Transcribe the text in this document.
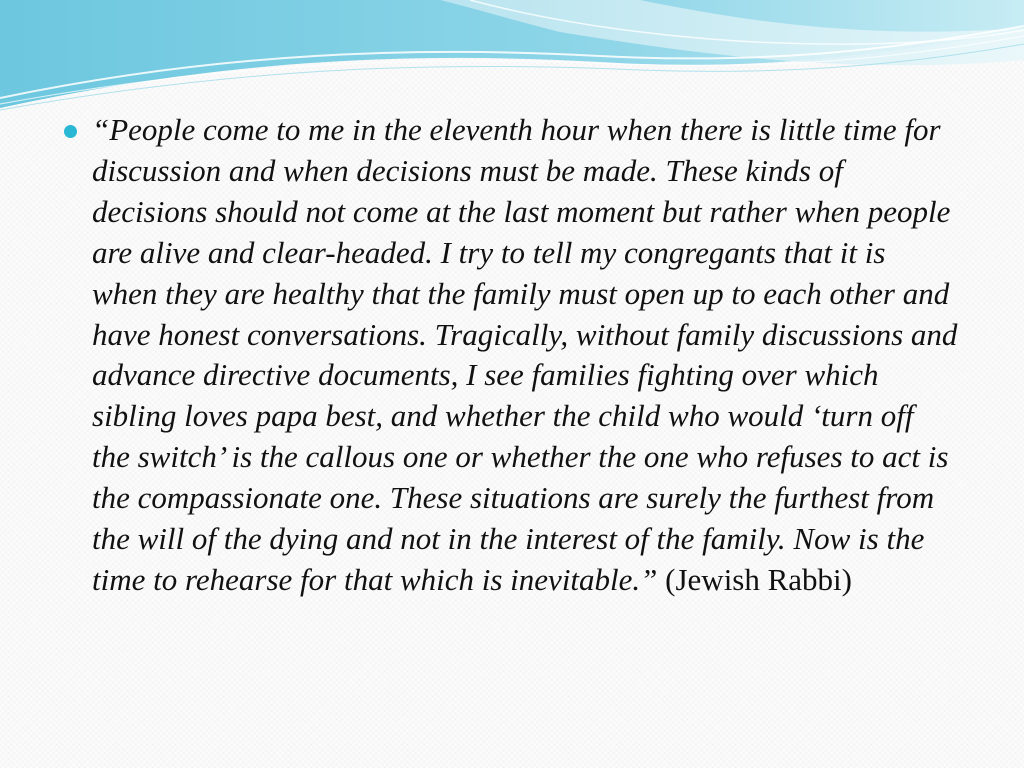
“People come to me in the eleventh hour when there is little time for discussion and when decisions must be made. These kinds of decisions should not come at the last moment but rather when people are alive and clear-headed. I try to tell my congregants that it is when they are healthy that the family must open up to each other and have honest conversations. Tragically, without family discussions and advance directive documents, I see families fighting over which sibling loves papa best, and whether the child who would ‘turn off the switch’ is the callous one or whether the one who refuses to act is the compassionate one. These situations are surely the furthest from the will of the dying and not in the interest of the family. Now is the time to rehearse for that which is inevitable.” (Jewish Rabbi)
